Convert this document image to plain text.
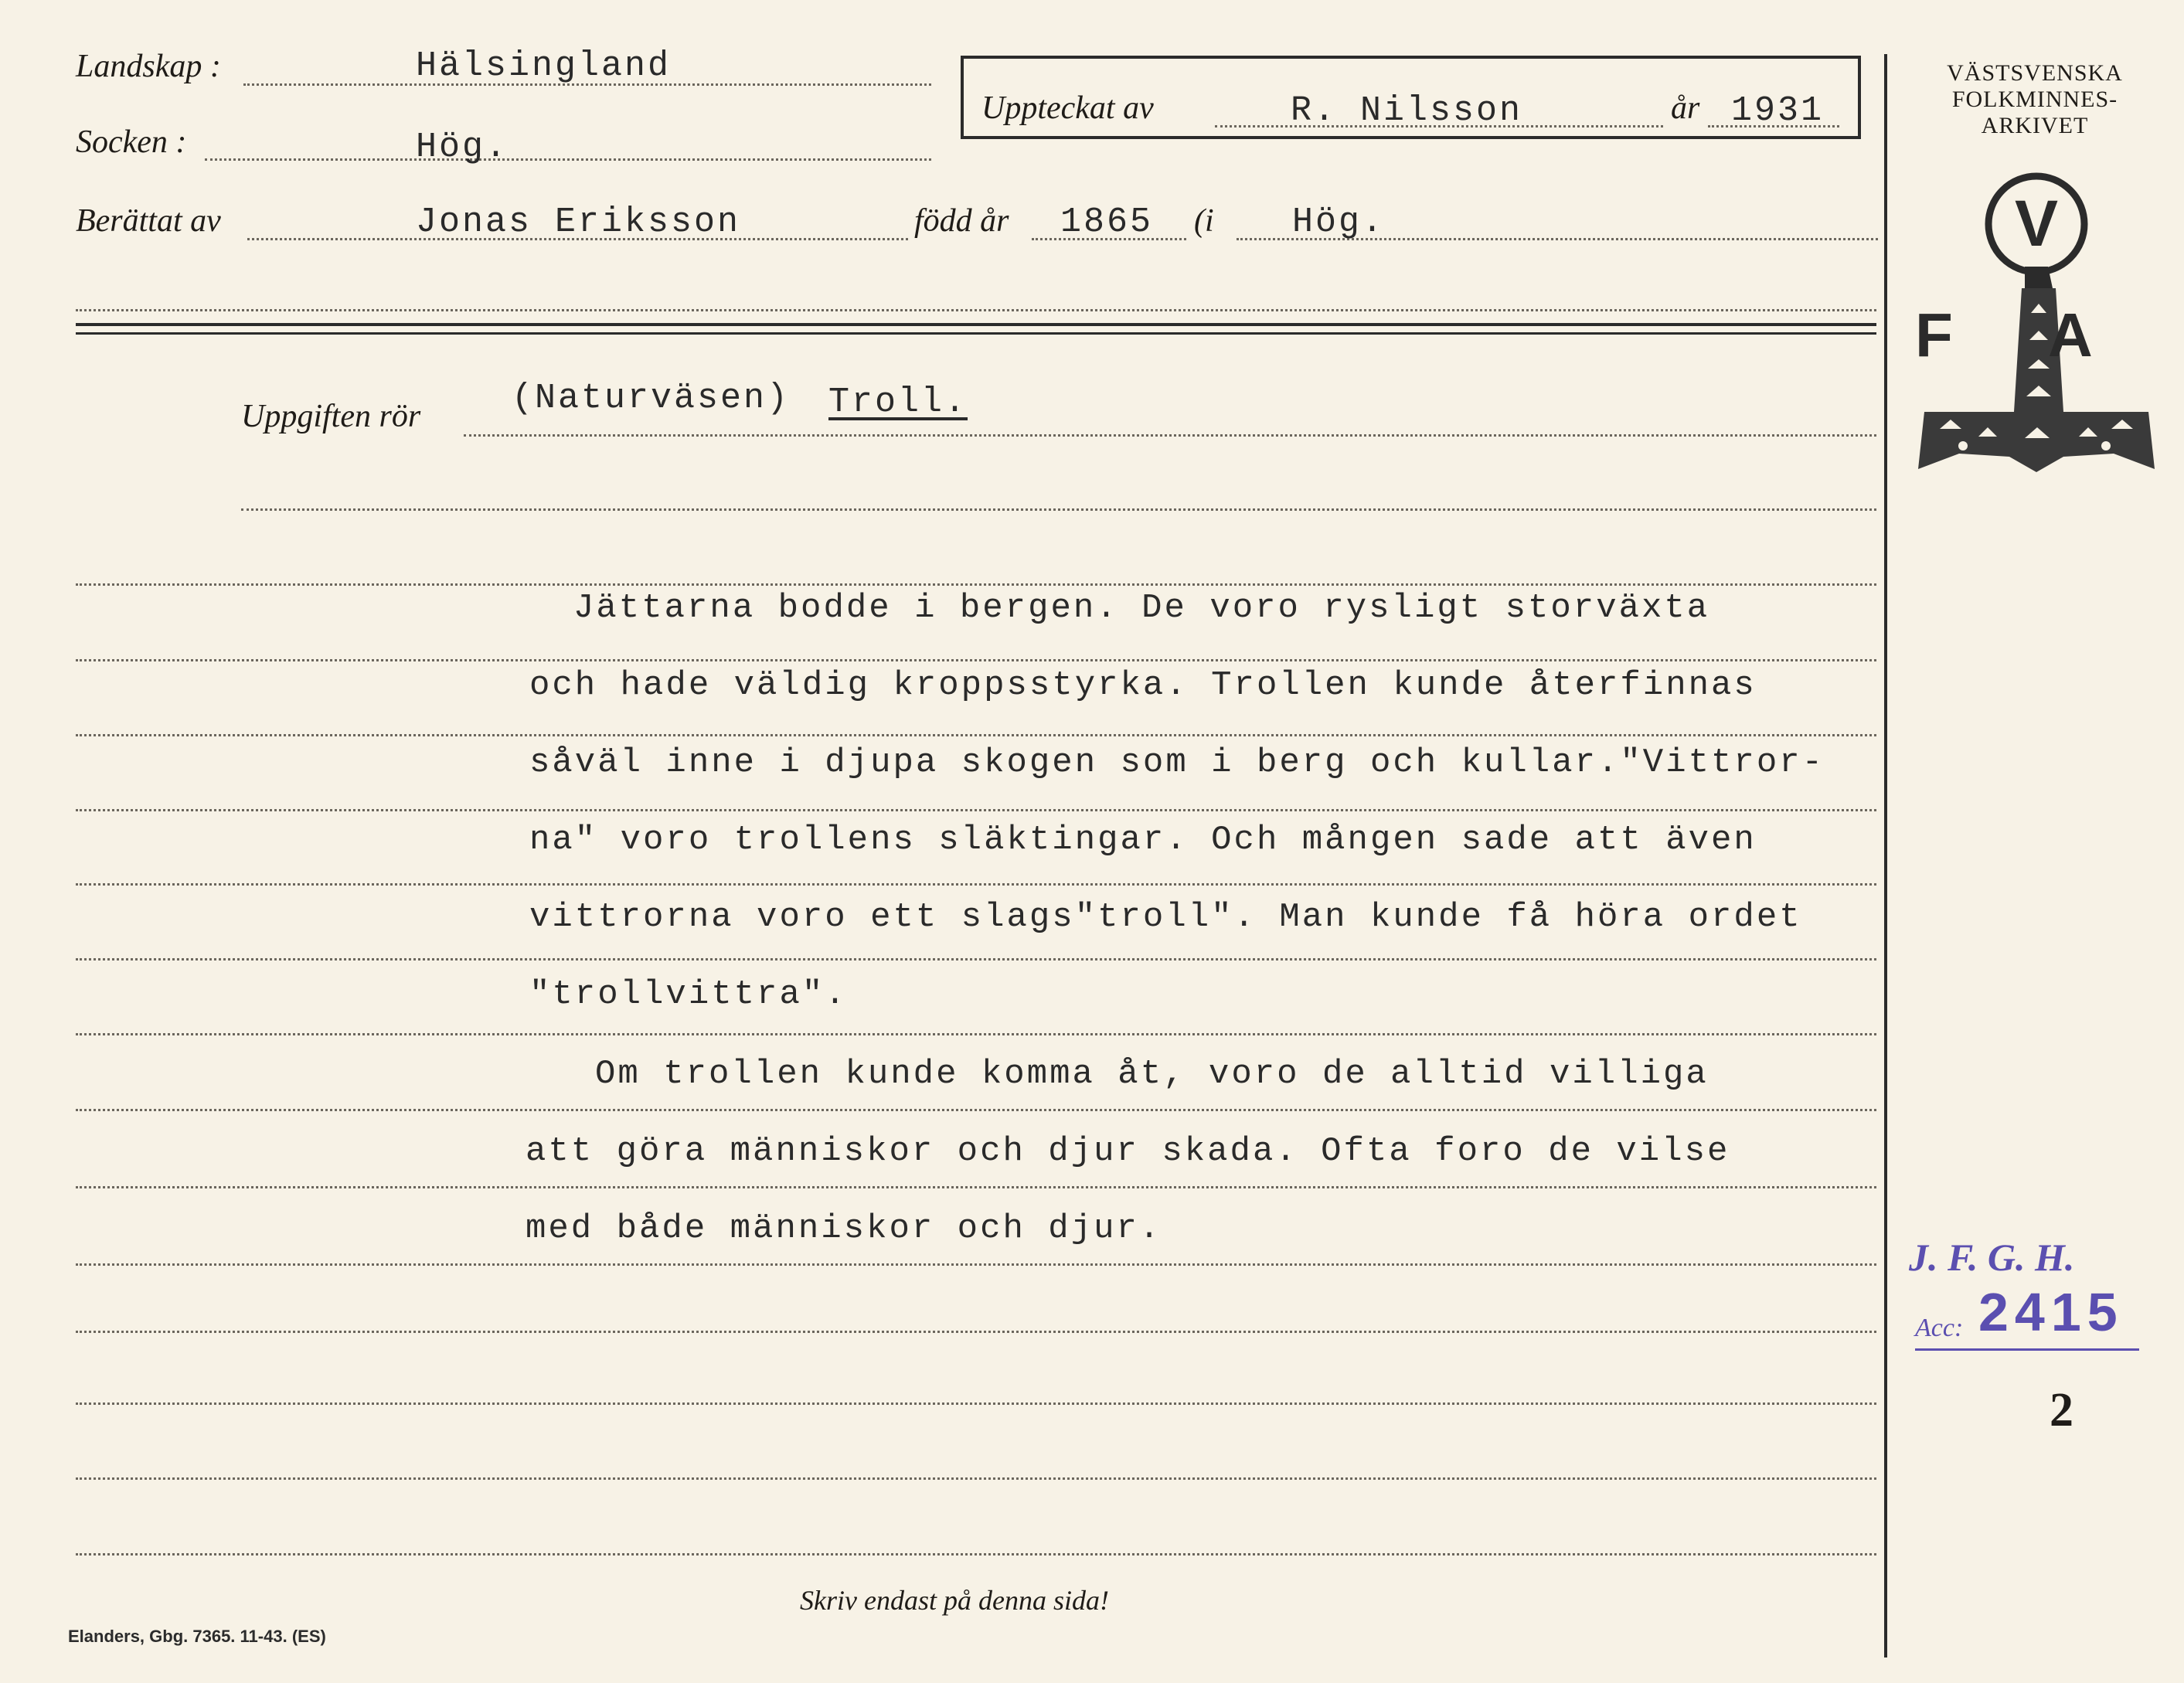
Landskap :	Hälsingland
Socken :	Hög.
Uppteckat av	R. Nilsson	år 1931
Berättat av	Jonas Eriksson	född år 1865 (i Hög.
VÄSTSVENSKA
FOLKMINNES-
ARKIVET
V
F A
Uppgiften rör	(Naturväsen) Troll.
Jättarna bodde i bergen. De voro rysligt storväxta
och hade väldig kroppsstyrka. Trollen kunde återfinnas
såväl inne i djupa skogen som i berg och kullar."Vittror-
na" voro trollens släktingar. Och mången sade att även
vittrorna voro ett slags"troll". Man kunde få höra ordet
"trollvittra".
Om trollen kunde komma åt, voro de alltid villiga
att göra människor och djur skada. Ofta foro de vilse
med både människor och djur.
J. F. G. H.
Acc: 2415
2
Skriv endast på denna sida!
Elanders, Gbg. 7365. 11-43. (ES)
